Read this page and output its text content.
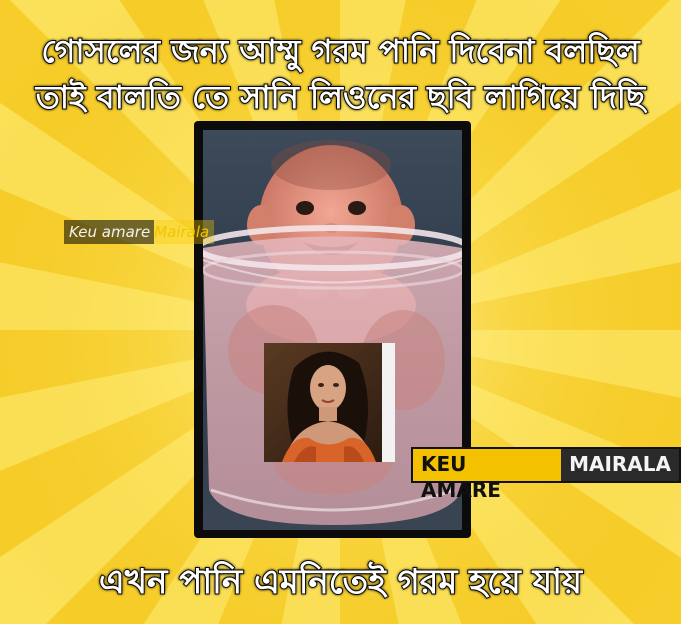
গোসলের জন্য আম্মু গরম পানি দিবেনা বলছিল
তাই বালতি তে সানি লিওনের ছবি লাগিয়ে দিছি
Keu amare Mairala
KEU AMARE
MAIRALA
এখন পানি এমনিতেই গরম হয়ে যায়
